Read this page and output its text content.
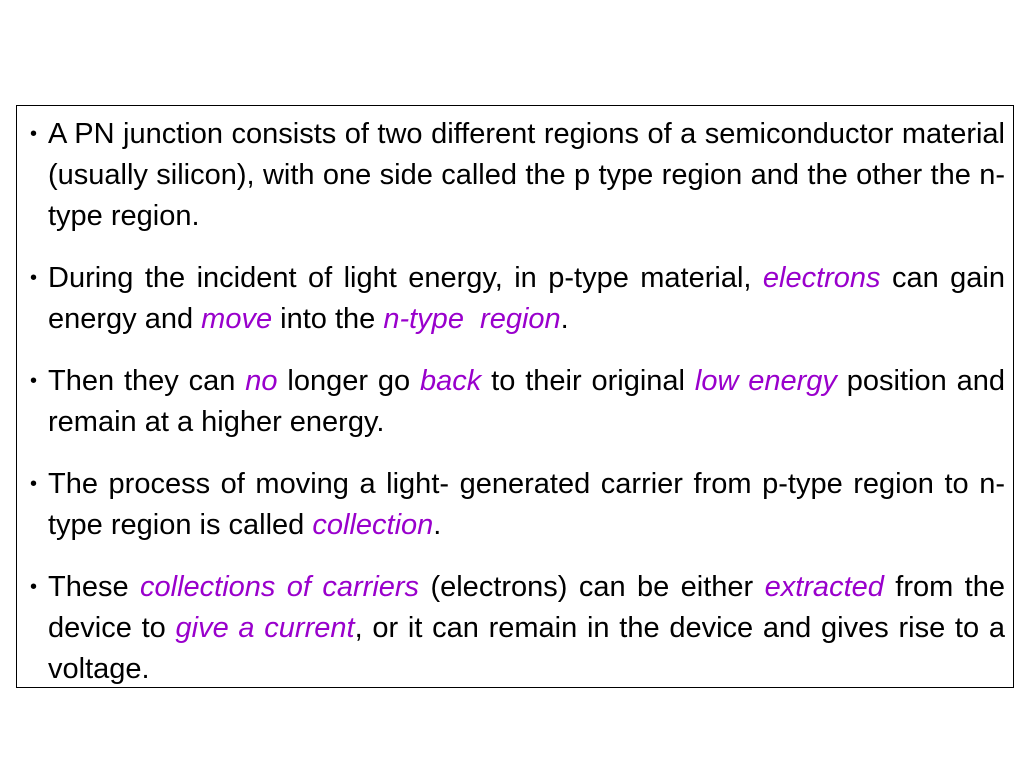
• A PN junction consists of two different regions of a semiconductor material (usually silicon), with one side called the p type region and the other the n-type region.
• During the incident of light energy, in p-type material, electrons can gain energy and move into the n-type  region.
• Then they can no longer go back to their original low energy position and remain at a higher energy.
• The process of moving a light- generated carrier from p-type region to n-type region is called collection.
• These collections of carriers (electrons) can be either extracted from the device to give a current, or it can remain in the device and gives rise to a voltage.
